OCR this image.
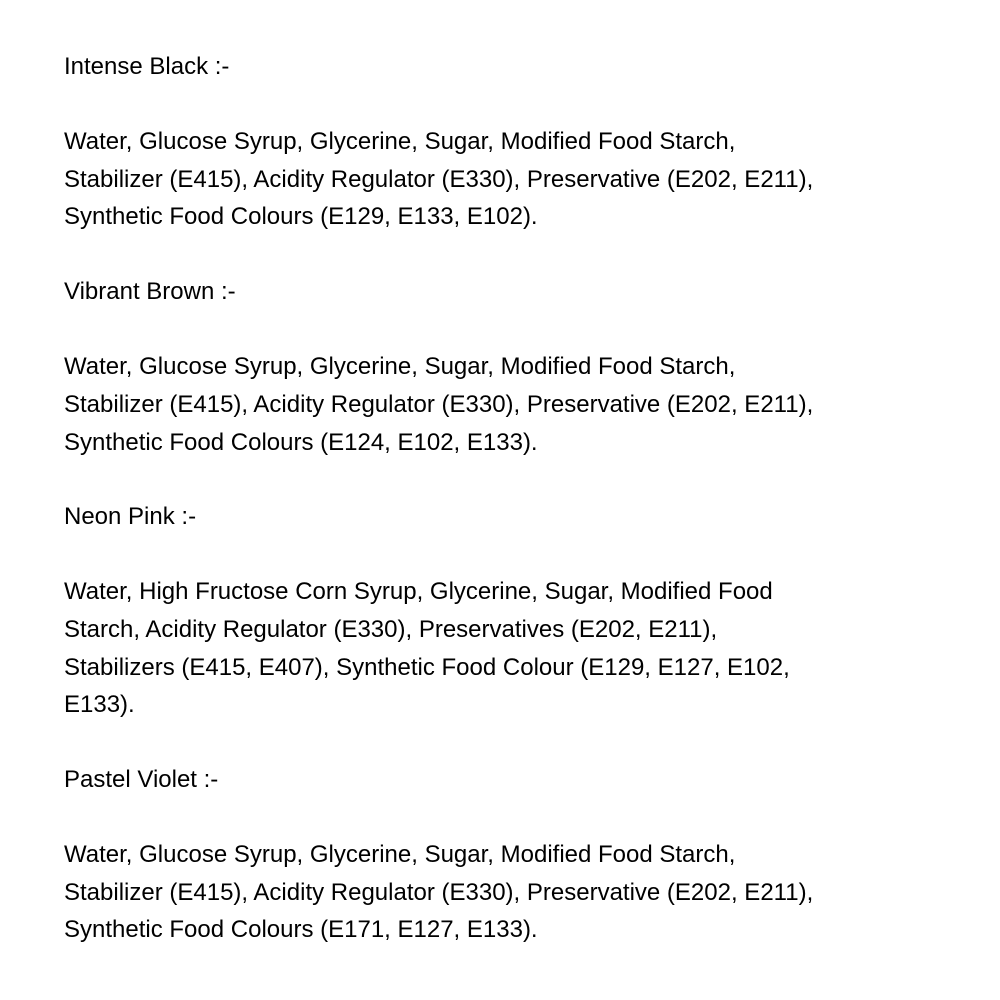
Intense Black :-

Water, Glucose Syrup, Glycerine, Sugar, Modified Food Starch,

Stabilizer (E415), Acidity Regulator (E330), Preservative (E202, E211),

Synthetic Food Colours (E129, E133, E102).

Vibrant Brown :-

Water, Glucose Syrup, Glycerine, Sugar, Modified Food Starch,

Stabilizer (E415), Acidity Regulator (E330), Preservative (E202, E211),

Synthetic Food Colours (E124, E102, E133).

Neon Pink :-

Water, High Fructose Corn Syrup, Glycerine, Sugar, Modified Food

Starch, Acidity Regulator (E330), Preservatives (E202, E211),

Stabilizers (E415, E407), Synthetic Food Colour (E129, E127, E102,

E133).

Pastel Violet :-

Water, Glucose Syrup, Glycerine, Sugar, Modified Food Starch,

Stabilizer (E415), Acidity Regulator (E330), Preservative (E202, E211),

Synthetic Food Colours (E171, E127, E133).
